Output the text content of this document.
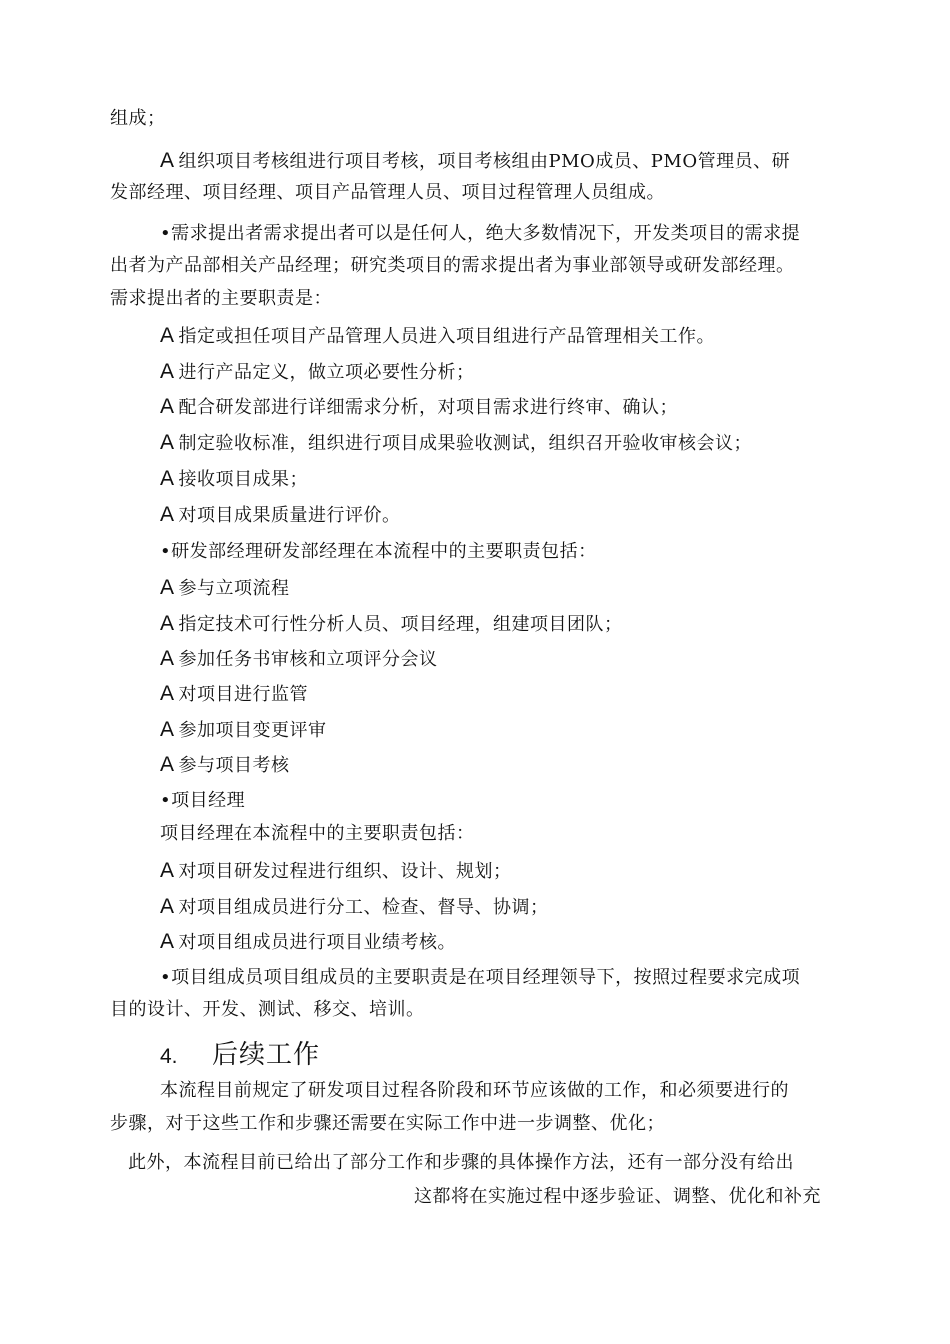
组成；
A 组织项目考核组进行项目考核，项目考核组由PMO成员、PMO管理员、研
发部经理、项目经理、项目产品管理人员、项目过程管理人员组成。
•需求提出者需求提出者可以是任何人，绝大多数情况下，开发类项目的需求提
出者为产品部相关产品经理；研究类项目的需求提出者为事业部领导或研发部经理。
需求提出者的主要职责是：
A 指定或担任项目产品管理人员进入项目组进行产品管理相关工作。
A 进行产品定义，做立项必要性分析；
A 配合研发部进行详细需求分析，对项目需求进行终审、确认；
A 制定验收标准，组织进行项目成果验收测试，组织召开验收审核会议；
A 接收项目成果；
A 对项目成果质量进行评价。
•研发部经理研发部经理在本流程中的主要职责包括：
A 参与立项流程
A 指定技术可行性分析人员、项目经理，组建项目团队；
A 参加任务书审核和立项评分会议
A 对项目进行监管
A 参加项目变更评审
A 参与项目考核
•项目经理
项目经理在本流程中的主要职责包括：
A 对项目研发过程进行组织、设计、规划；
A 对项目组成员进行分工、检查、督导、协调；
A 对项目组成员进行项目业绩考核。
•项目组成员项目组成员的主要职责是在项目经理领导下，按照过程要求完成项
目的设计、开发、测试、移交、培训。
4. 后续工作
本流程目前规定了研发项目过程各阶段和环节应该做的工作，和必须要进行的
步骤，对于这些工作和步骤还需要在实际工作中进一步调整、优化；
此外，本流程目前已给出了部分工作和步骤的具体操作方法，还有一部分没有给出
这都将在实施过程中逐步验证、调整、优化和补充
